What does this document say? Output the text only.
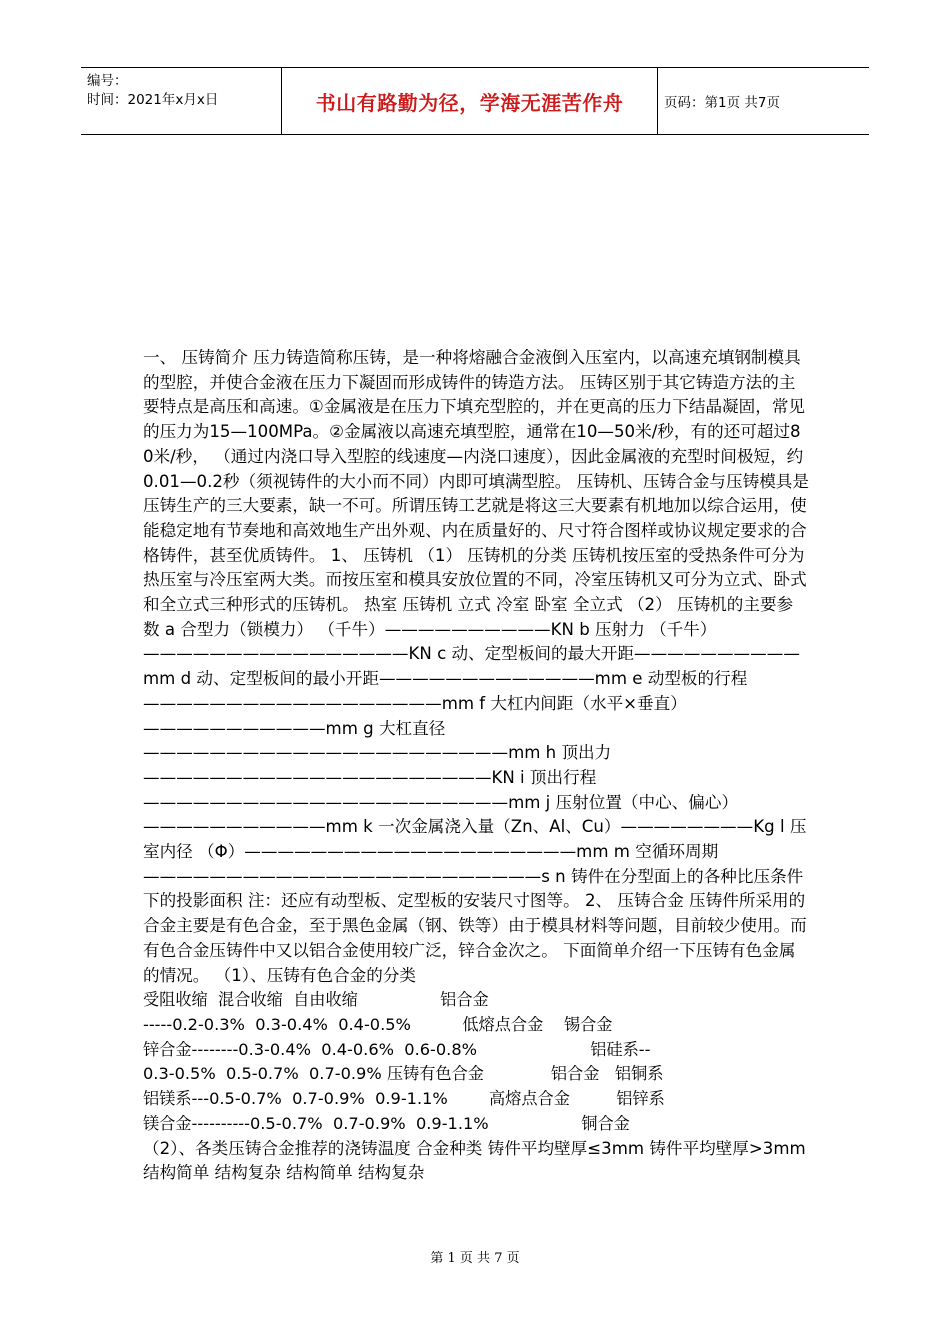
编号：
时间：2021年x月x日	书山有路勤为径，学海无涯苦作舟	页码：第1页 共7页

一、 压铸简介 压力铸造简称压铸，是一种将熔融合金液倒入压室内，以高速充填钢制模具的型腔，并使合金液在压力下凝固而形成铸件的铸造方法。 压铸区别于其它铸造方法的主要特点是高压和高速。①金属液是在压力下填充型腔的，并在更高的压力下结晶凝固，常见的压力为15—100MPa。②金属液以高速充填型腔，通常在10—50米/秒，有的还可超过80米/秒， （通过内浇口导入型腔的线速度—内浇口速度），因此金属液的充型时间极短，约0.01—0.2秒（须视铸件的大小而不同）内即可填满型腔。 压铸机、压铸合金与压铸模具是压铸生产的三大要素，缺一不可。所谓压铸工艺就是将这三大要素有机地加以综合运用，使能稳定地有节奏地和高效地生产出外观、内在质量好的、尺寸符合图样或协议规定要求的合格铸件，甚至优质铸件。 1、 压铸机 （1） 压铸机的分类 压铸机按压室的受热条件可分为热压室与冷压室两大类。而按压室和模具安放位置的不同，冷室压铸机又可分为立式、卧式和全立式三种形式的压铸机。 热室 压铸机 立式 冷室 卧室 全立式 （2） 压铸机的主要参数 a 合型力（锁模力） （千牛）——————————KN b 压射力 （千牛）————————————————KN c 动、定型板间的最大开距——————————mm d 动、定型板间的最小开距—————————————mm e 动型板的行程——————————————————mm f 大杠内间距（水平×垂直）———————————mm g 大杠直径——————————————————————mm h 顶出力—————————————————————KN i 顶出行程——————————————————————mm j 压射位置（中心、偏心）———————————mm k 一次金属浇入量（Zn、Al、Cu）————————Kg l 压室内径 （Φ）————————————————————mm m 空循环周期————————————————————————s n 铸件在分型面上的各种比压条件下的投影面积 注：还应有动型板、定型板的安装尺寸图等。 2、 压铸合金 压铸件所采用的合金主要是有色合金，至于黑色金属（钢、铁等）由于模具材料等问题，目前较少使用。而有色合金压铸件中又以铝合金使用较广泛，锌合金次之。 下面简单介绍一下压铸有色金属的情况。 （1）、压铸有色合金的分类

受阻收缩  混合收缩  自由收缩                铝合金
-----0.2-0.3%  0.3-0.4%  0.4-0.5%          低熔点合金    锡合金
锌合金--------0.3-0.4%  0.4-0.6%  0.6-0.8%                      铝硅系--
0.3-0.5%  0.5-0.7%  0.7-0.9% 压铸有色合金             铝合金   铝铜系
铝镁系---0.5-0.7%  0.7-0.9%  0.9-1.1%        高熔点合金         铝锌系
镁合金----------0.5-0.7%  0.7-0.9%  0.9-1.1%                  铜合金

（2）、各类压铸合金推荐的浇铸温度 合金种类 铸件平均壁厚≤3mm 铸件平均壁厚>3mm 结构简单 结构复杂 结构简单 结构复杂

第 1 页 共 7 页
